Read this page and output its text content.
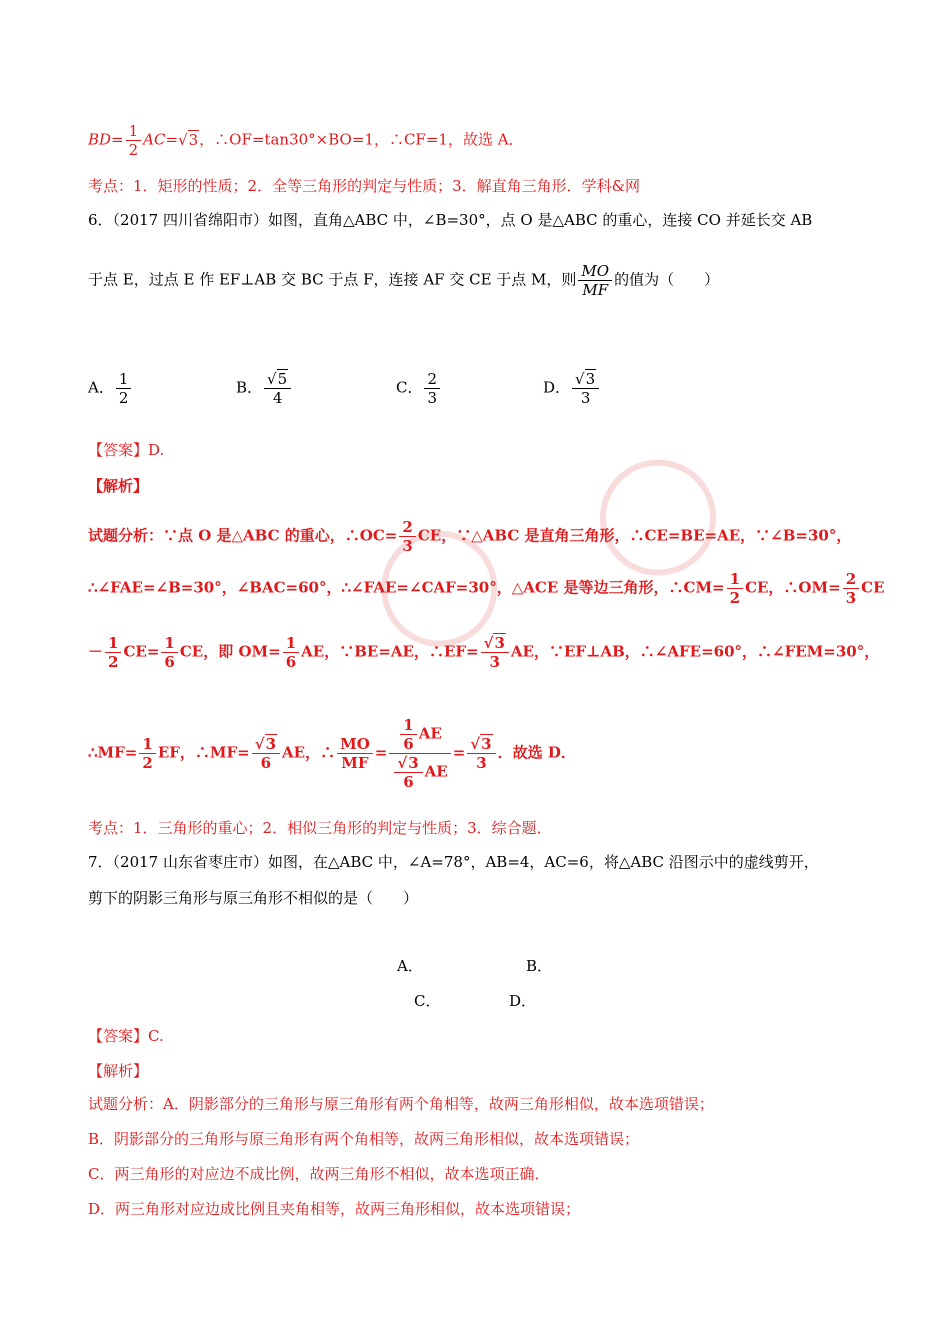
$BD= \frac{1}{2} AC=√3$，∴OF=tan30°×BO=1，∴CF=1，故选 A．
考点：1．矩形的性质；2．全等三角形的判定与性质；3．解直角三角形．学科&网
6．（2017 四川省绵阳市）如图，直角△ABC 中，∠B=30°，点 O 是△ABC 的重心，连接 CO 并延长交 AB
于点 E，过点 E 作 EF⊥AB 交 BC 于点 F，连接 AF 交 CE 于点 M，则 $\frac{MO}{MF}$ 的值为（　　）
A． $\frac{1}{2}$	B． $\frac{√5}{4}$	C． $\frac{2}{3}$	D． $\frac{√3}{3}$
【答案】D.
【解析】
试题分析：∵点 O 是△ABC 的重心，∴OC= $\frac{2}{3}$ CE，∵△ABC 是直角三角形，∴CE=BE=AE，∵∠B=30°，
∴∠FAE=∠B=30°，∠BAC=60°，∴∠FAE=∠CAF=30°，△ACE 是等边三角形，∴CM= $\frac{1}{2}$ CE，∴OM= $\frac{2}{3}$ CE
－ $\frac{1}{2} CE= \frac{1}{6}$ CE，即 $OM= \frac{1}{6}$ AE，∵BE=AE，∴EF= $\frac{√3}{3}$ AE，∵EF⊥AB，∴∠AFE=60°，∴∠FEM=30°，
∴MF= $\frac{1}{2}$ EF，∴MF= $\frac{√3}{6}$ AE，∴ $\frac{MO}{MF} = \frac{\frac{1}{6} AE}{\frac{√3}{6} AE} = \frac{√3}{3}$ ．故选 D．
考点：1．三角形的重心；2．相似三角形的判定与性质；3．综合题．
7．（2017 山东省枣庄市）如图，在△ABC 中，∠A=78°，AB=4，AC=6，将△ABC 沿图示中的虚线剪开，
剪下的阴影三角形与原三角形不相似的是（　　）
A．	B．
C．	D．
【答案】C.
【解析】
试题分析：A．阴影部分的三角形与原三角形有两个角相等，故两三角形相似，故本选项错误；
B．阴影部分的三角形与原三角形有两个角相等，故两三角形相似，故本选项错误；
C．两三角形的对应边不成比例，故两三角形不相似，故本选项正确．
D．两三角形对应边成比例且夹角相等，故两三角形相似，故本选项错误；
